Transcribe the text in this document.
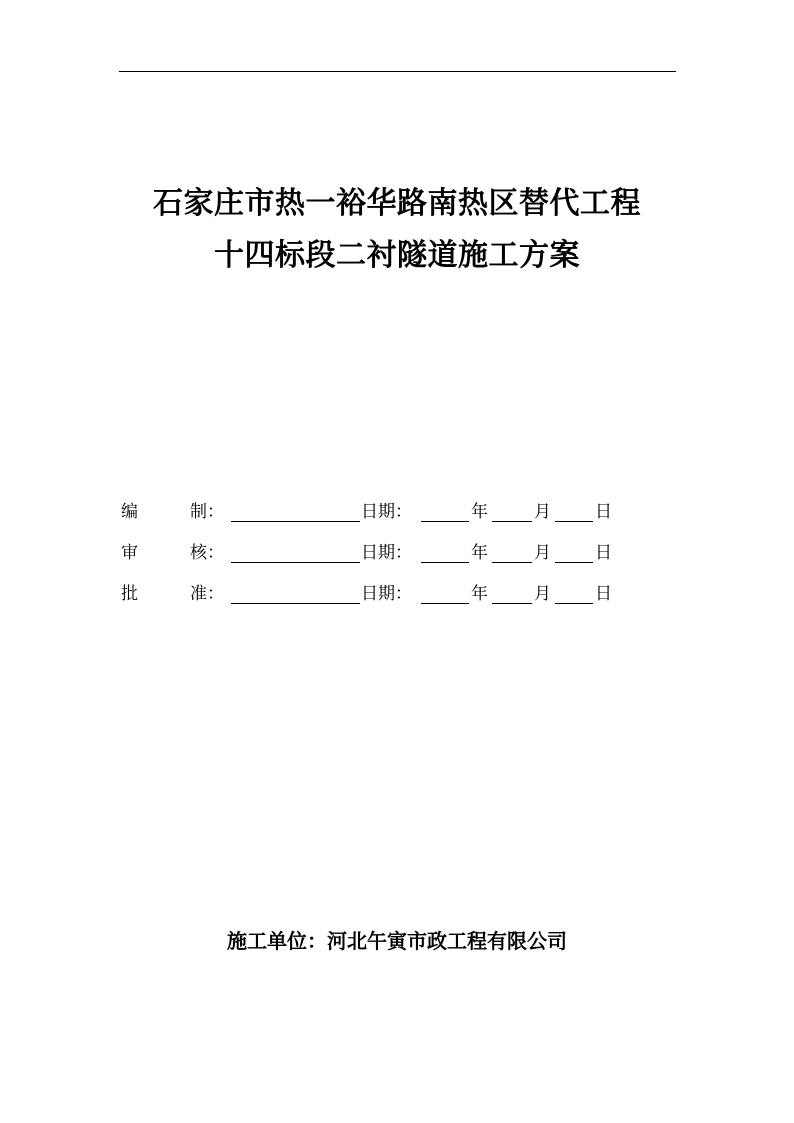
石家庄市热一裕华路南热区替代工程
十四标段二衬隧道施工方案
编	制：	日期：	年	月	日
审	核：	日期：	年	月	日
批	准：	日期：	年	月	日
施工单位：河北午寅市政工程有限公司
